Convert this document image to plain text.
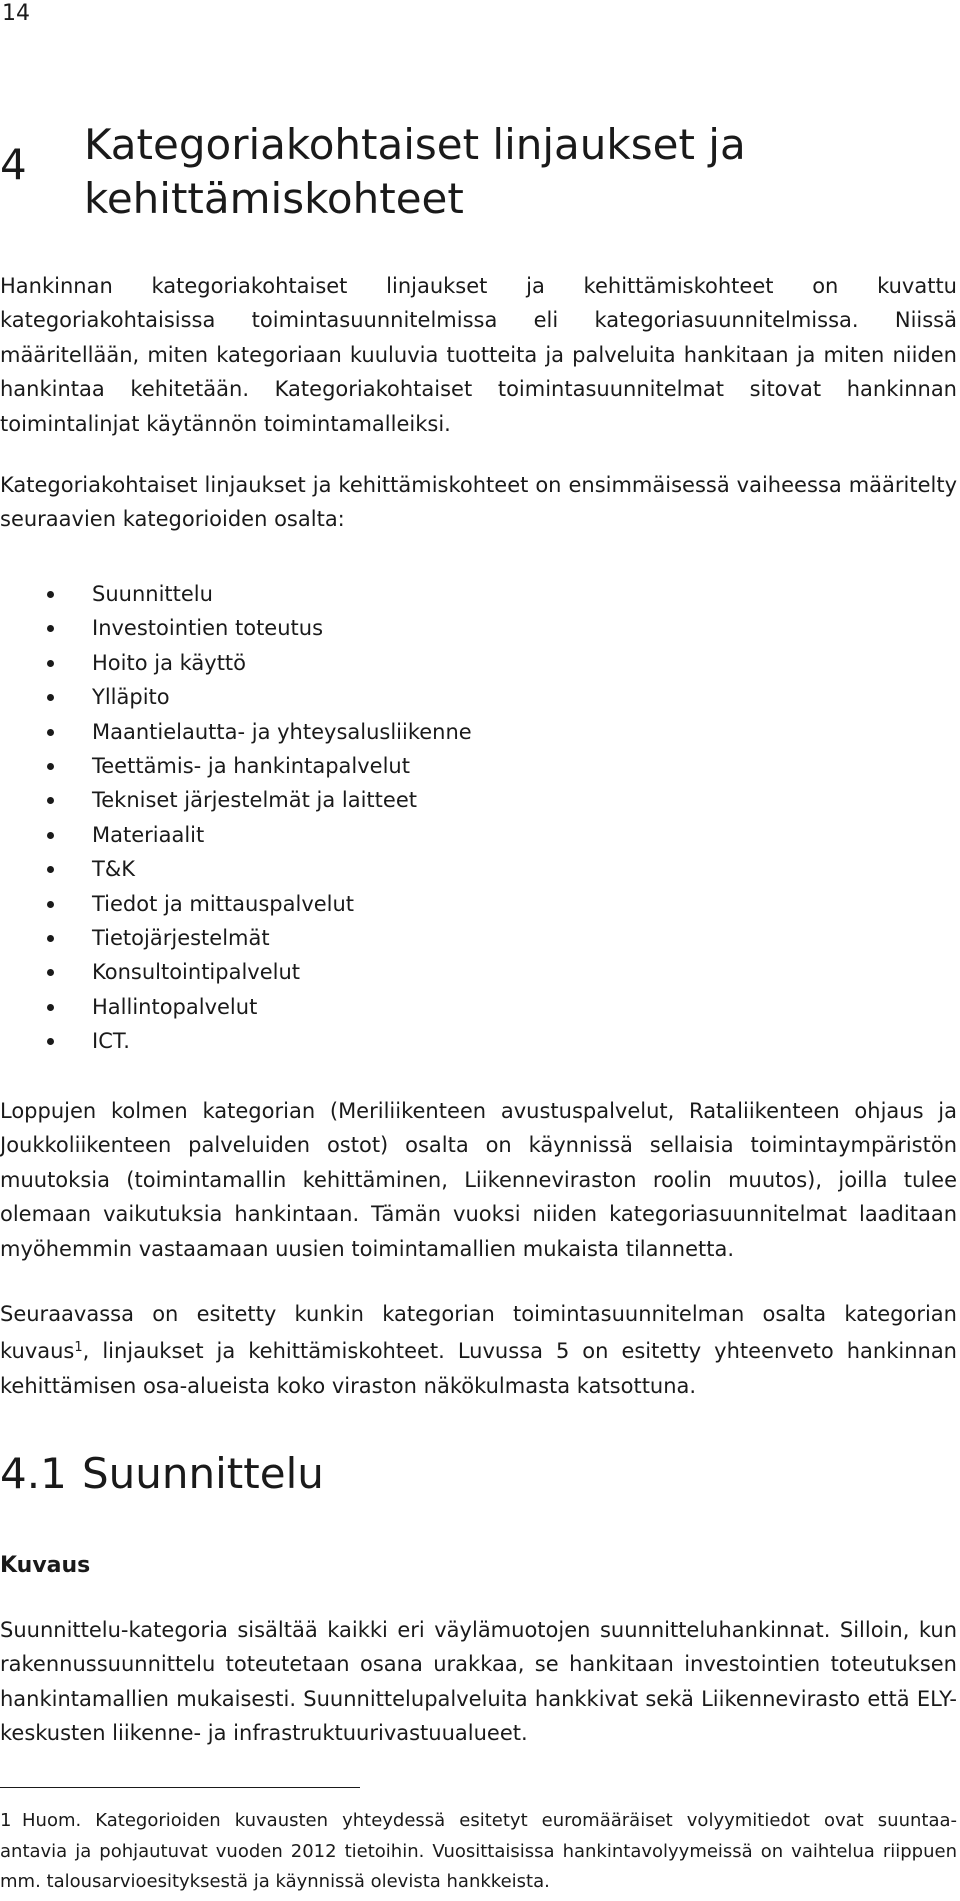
14
4	Kategoriakohtaiset linjaukset ja kehittämiskohteet

Hankinnan kategoriakohtaiset linjaukset ja kehittämiskohteet on kuvattu kategoriakohtaisissa toimintasuunnitelmissa eli kategoriasuunnitelmissa. Niissä määritellään, miten kategoriaan kuuluvia tuotteita ja palveluita hankitaan ja miten niiden hankintaa kehitetään. Kategoriakohtaiset toimintasuunnitelmat sitovat hankinnan toimintalinjat käytännön toimintamalleiksi.

Kategoriakohtaiset linjaukset ja kehittämiskohteet on ensimmäisessä vaiheessa määritelty seuraavien kategorioiden osalta:

Suunnittelu
Investointien toteutus
Hoito ja käyttö
Ylläpito
Maantielautta- ja yhteysalusliikenne
Teettämis- ja hankintapalvelut
Tekniset järjestelmät ja laitteet
Materiaalit
T&K
Tiedot ja mittauspalvelut
Tietojärjestelmät
Konsultointipalvelut
Hallintopalvelut
ICT.

Loppujen kolmen kategorian (Meriliikenteen avustuspalvelut, Rataliikenteen ohjaus ja Joukkoliikenteen palveluiden ostot) osalta on käynnissä sellaisia toimintaympäristön muutoksia (toimintamallin kehittäminen, Liikenneviraston roolin muutos), joilla tulee olemaan vaikutuksia hankintaan. Tämän vuoksi niiden kategoriasuunnitelmat laaditaan myöhemmin vastaamaan uusien toimintamallien mukaista tilannetta.

Seuraavassa on esitetty kunkin kategorian toimintasuunnitelman osalta kategorian kuvaus$^1$, linjaukset ja kehittämiskohteet. Luvussa 5 on esitetty yhteenveto hankinnan kehittämisen osa-alueista koko viraston näkökulmasta katsottuna.

4.1 Suunnittelu
Kuvaus

Suunnittelu-kategoria sisältää kaikki eri väylämuotojen suunnitteluhankinnat. Silloin, kun rakennussuunnittelu toteutetaan osana urakkaa, se hankitaan investointien toteutuksen hankintamallien mukaisesti. Suunnittelupalveluita hankkivat sekä Liikennevirasto että ELY-keskusten liikenne- ja infrastruktuurivastuualueet.

1 Huom. Kategorioiden kuvausten yhteydessä esitetyt euromääräiset volyymitiedot ovat suuntaa-antavia ja pohjautuvat vuoden 2012 tietoihin. Vuosittaisissa hankintavolyymeissä on vaihtelua riippuen mm. talousarvioesityksestä ja käynnissä olevista hankkeista.
